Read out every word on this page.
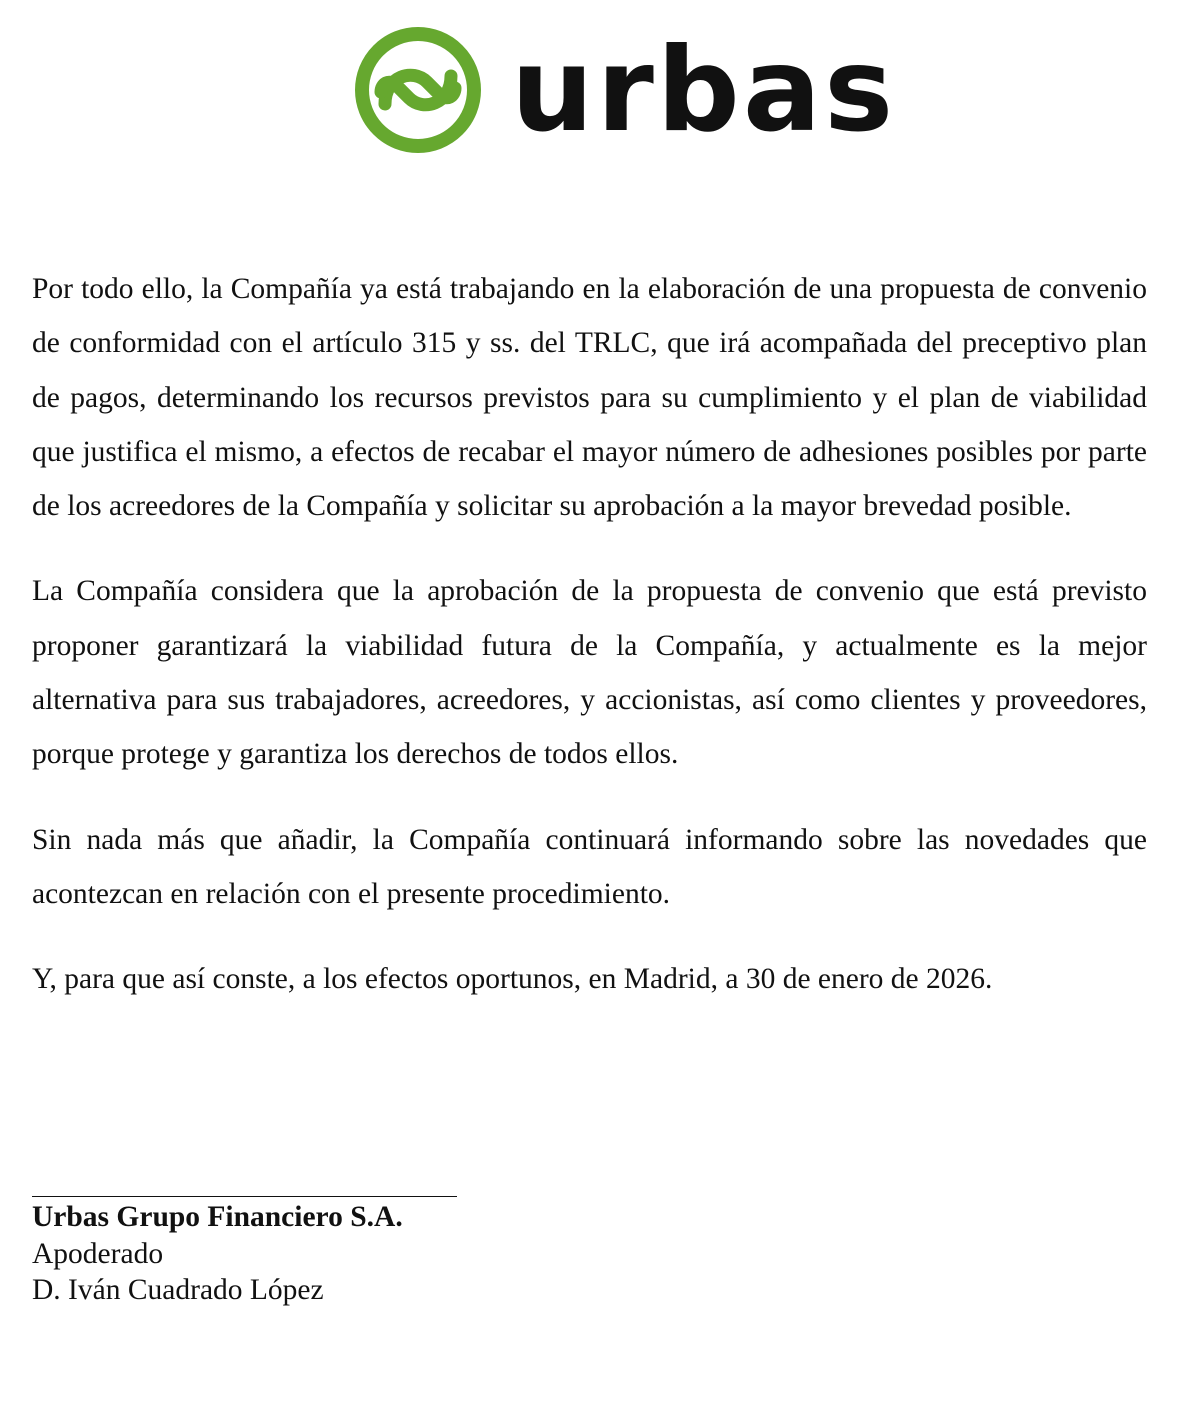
urbas

Por todo ello, la Compañía ya está trabajando en la elaboración de una propuesta de convenio de conformidad con el artículo 315 y ss. del TRLC, que irá acompañada del preceptivo plan de pagos, determinando los recursos previstos para su cumplimiento y el plan de viabilidad que justifica el mismo, a efectos de recabar el mayor número de adhesiones posibles por parte de los acreedores de la Compañía y solicitar su aprobación a la mayor brevedad posible.

La Compañía considera que la aprobación de la propuesta de convenio que está previsto proponer garantizará la viabilidad futura de la Compañía, y actualmente es la mejor alternativa para sus trabajadores, acreedores, y accionistas, así como clientes y proveedores, porque protege y garantiza los derechos de todos ellos.

Sin nada más que añadir, la Compañía continuará informando sobre las novedades que acontezcan en relación con el presente procedimiento.

Y, para que así conste, a los efectos oportunos, en Madrid, a 30 de enero de 2026.

Urbas Grupo Financiero S.A.
Apoderado
D. Iván Cuadrado López
